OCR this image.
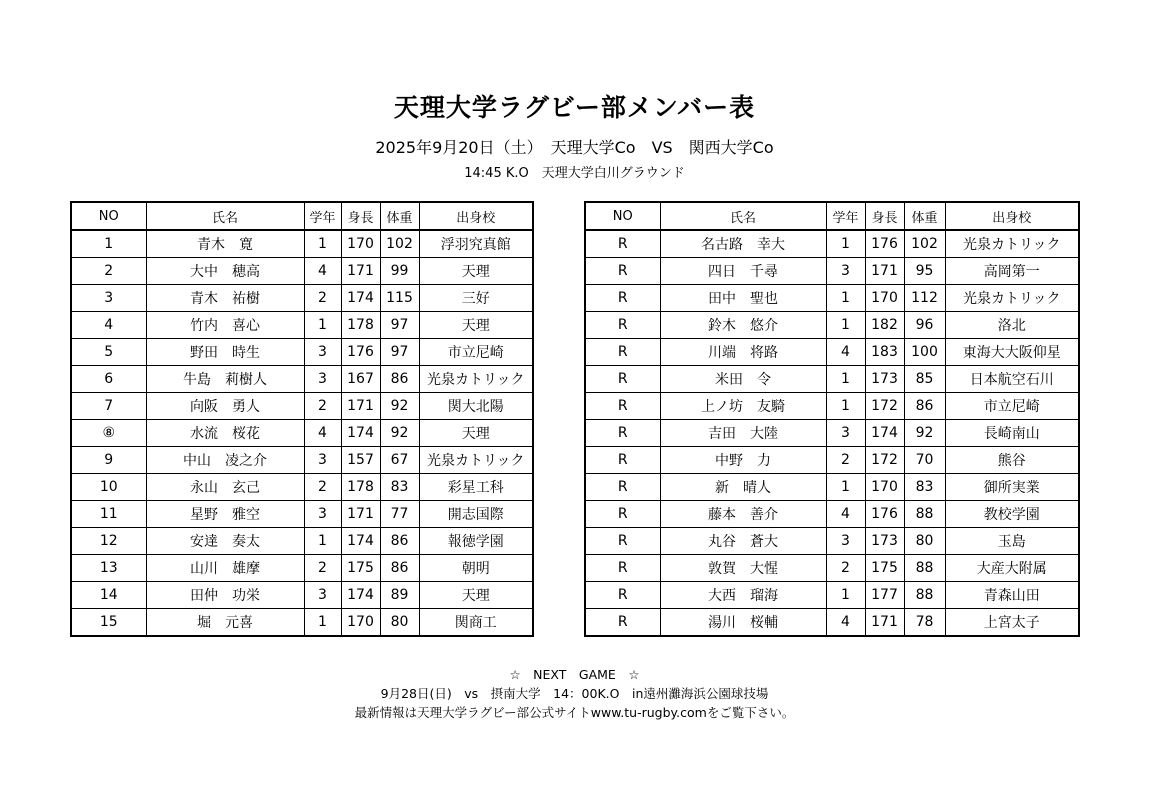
天理大学ラグビー部メンバー表
2025年9月20日（土）　天理大学Co　VS　関西大学Co
14:45 K.O　天理大学白川グラウンド
NO	氏名	学年	身長	体重	出身校
1	青木　寛	1	170	102	浮羽究真館
2	大中　穂高	4	171	99	天理
3	青木　祐樹	2	174	115	三好
4	竹内　喜心	1	178	97	天理
5	野田　時生	3	176	97	市立尼崎
6	牛島　莉樹人	3	167	86	光泉カトリック
7	向阪　勇人	2	171	92	関大北陽
⑧	水流　桜花	4	174	92	天理
9	中山　凌之介	3	157	67	光泉カトリック
10	永山　玄己	2	178	83	彩星工科
11	星野　雅空	3	171	77	開志国際
12	安達　奏太	1	174	86	報徳学園
13	山川　雄摩	2	175	86	朝明
14	田仲　功栄	3	174	89	天理
15	堀　元喜	1	170	80	関商工
NO	氏名	学年	身長	体重	出身校
R	名古路　幸大	1	176	102	光泉カトリック
R	四日　千尋	3	171	95	高岡第一
R	田中　聖也	1	170	112	光泉カトリック
R	鈴木　悠介	1	182	96	洛北
R	川端　将路	4	183	100	東海大大阪仰星
R	米田　令	1	173	85	日本航空石川
R	上ノ坊　友騎	1	172	86	市立尼崎
R	吉田　大陸	3	174	92	長崎南山
R	中野　力	2	172	70	熊谷
R	新　晴人	1	170	83	御所実業
R	藤本　善介	4	176	88	教校学園
R	丸谷　蒼大	3	173	80	玉島
R	敦賀　大惺	2	175	88	大産大附属
R	大西　瑠海	1	177	88	青森山田
R	湯川　桜輔	4	171	78	上宮太子
☆　NEXT　GAME　☆
9月28日(日)　vs　摂南大学　14：00K.O　in遠州灘海浜公園球技場
最新情報は天理大学ラグビー部公式サイトwww.tu-rugby.comをご覧下さい。
